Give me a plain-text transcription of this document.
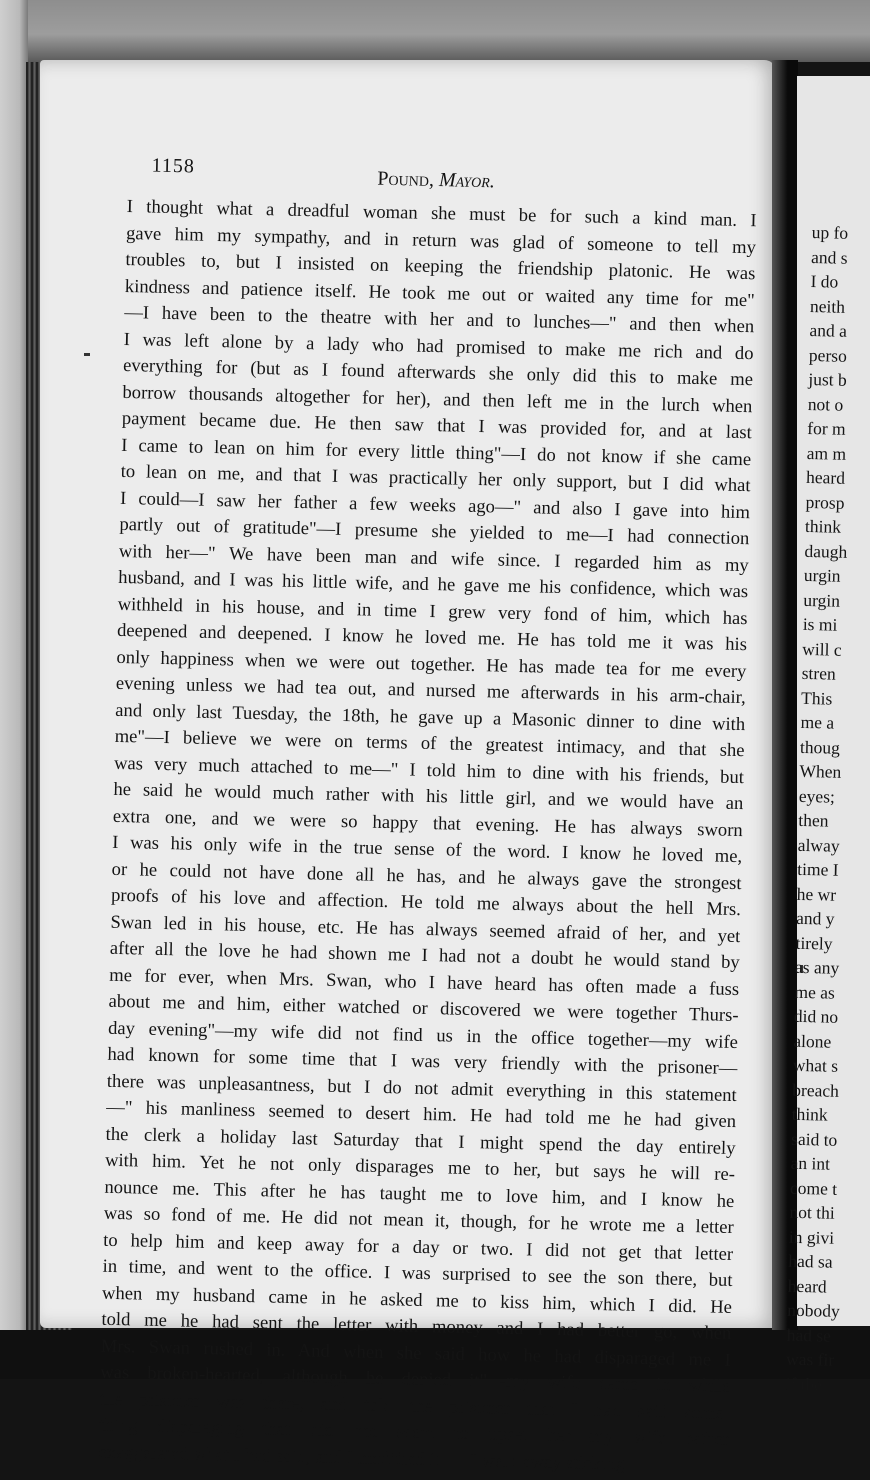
1158
Pound, Mayor.
I thought what a dreadful woman she must be for such a kind man. I
gave him my sympathy, and in return was glad of someone to tell my
troubles to, but I insisted on keeping the friendship platonic. He was
kindness and patience itself. He took me out or waited any time for me"
—I have been to the theatre with her and to lunches—" and then when
I was left alone by a lady who had promised to make me rich and do
everything for (but as I found afterwards she only did this to make me
borrow thousands altogether for her), and then left me in the lurch when
payment became due. He then saw that I was provided for, and at last
I came to lean on him for every little thing"—I do not know if she came
to lean on me, and that I was practically her only support, but I did what
I could—I saw her father a few weeks ago—" and also I gave into him
partly out of gratitude"—I presume she yielded to me—I had connection
with her—" We have been man and wife since. I regarded him as my
husband, and I was his little wife, and he gave me his confidence, which was
withheld in his house, and in time I grew very fond of him, which has
deepened and deepened. I know he loved me. He has told me it was his
only happiness when we were out together. He has made tea for me every
evening unless we had tea out, and nursed me afterwards in his arm-chair,
and only last Tuesday, the 18th, he gave up a Masonic dinner to dine with
me"—I believe we were on terms of the greatest intimacy, and that she
was very much attached to me—" I told him to dine with his friends, but
he said he would much rather with his little girl, and we would have an
extra one, and we were so happy that evening. He has always sworn
I was his only wife in the true sense of the word. I know he loved me,
or he could not have done all he has, and he always gave the strongest
proofs of his love and affection. He told me always about the hell Mrs.
Swan led in his house, etc. He has always seemed afraid of her, and yet
after all the love he had shown me I had not a doubt he would stand by
me for ever, when Mrs. Swan, who I have heard has often made a fuss
about me and him, either watched or discovered we were together Thurs-
day evening"—my wife did not find us in the office together—my wife
had known for some time that I was very friendly with the prisoner—
there was unpleasantness, but I do not admit everything in this statement
—" his manliness seemed to desert him. He had told me he had given
the clerk a holiday last Saturday that I might spend the day entirely
with him. Yet he not only disparages me to her, but says he will re-
nounce me. This after he has taught me to love him, and I know he
was so fond of me. He did not mean it, though, for he wrote me a letter
to help him and keep away for a day or two. I did not get that letter
in time, and went to the office. I was surprised to see the son there, but
when my husband came in he asked me to kiss him, which I did. He
told me he had sent the letter with money and I had better go, when
Mrs. Swan rushed in. And when she said how he had disparaged me I
was broken-hearted, although he denied it"—my wife came in while
the prisoner was there, and told the prisoner that I had said some-
thing disparaging—that did not seem to upset her—my wife rather
exaggerated what I had said, and I modified it—" I went away sticking
up fo
and s
I do
neith
and a
perso
just b
not o
for m
am m
heard
prosp
think
daugh
urgin
urgin
is mi
will c
stren
This
me a
thoug
When
eyes;
then
alway
time I
he wr
and y
tirely
as any
me as
did no
alone
what s
breach
think
said to
an int
come t
not thi
in givi
had sa
heard
nobody
had se
was fir
if the
